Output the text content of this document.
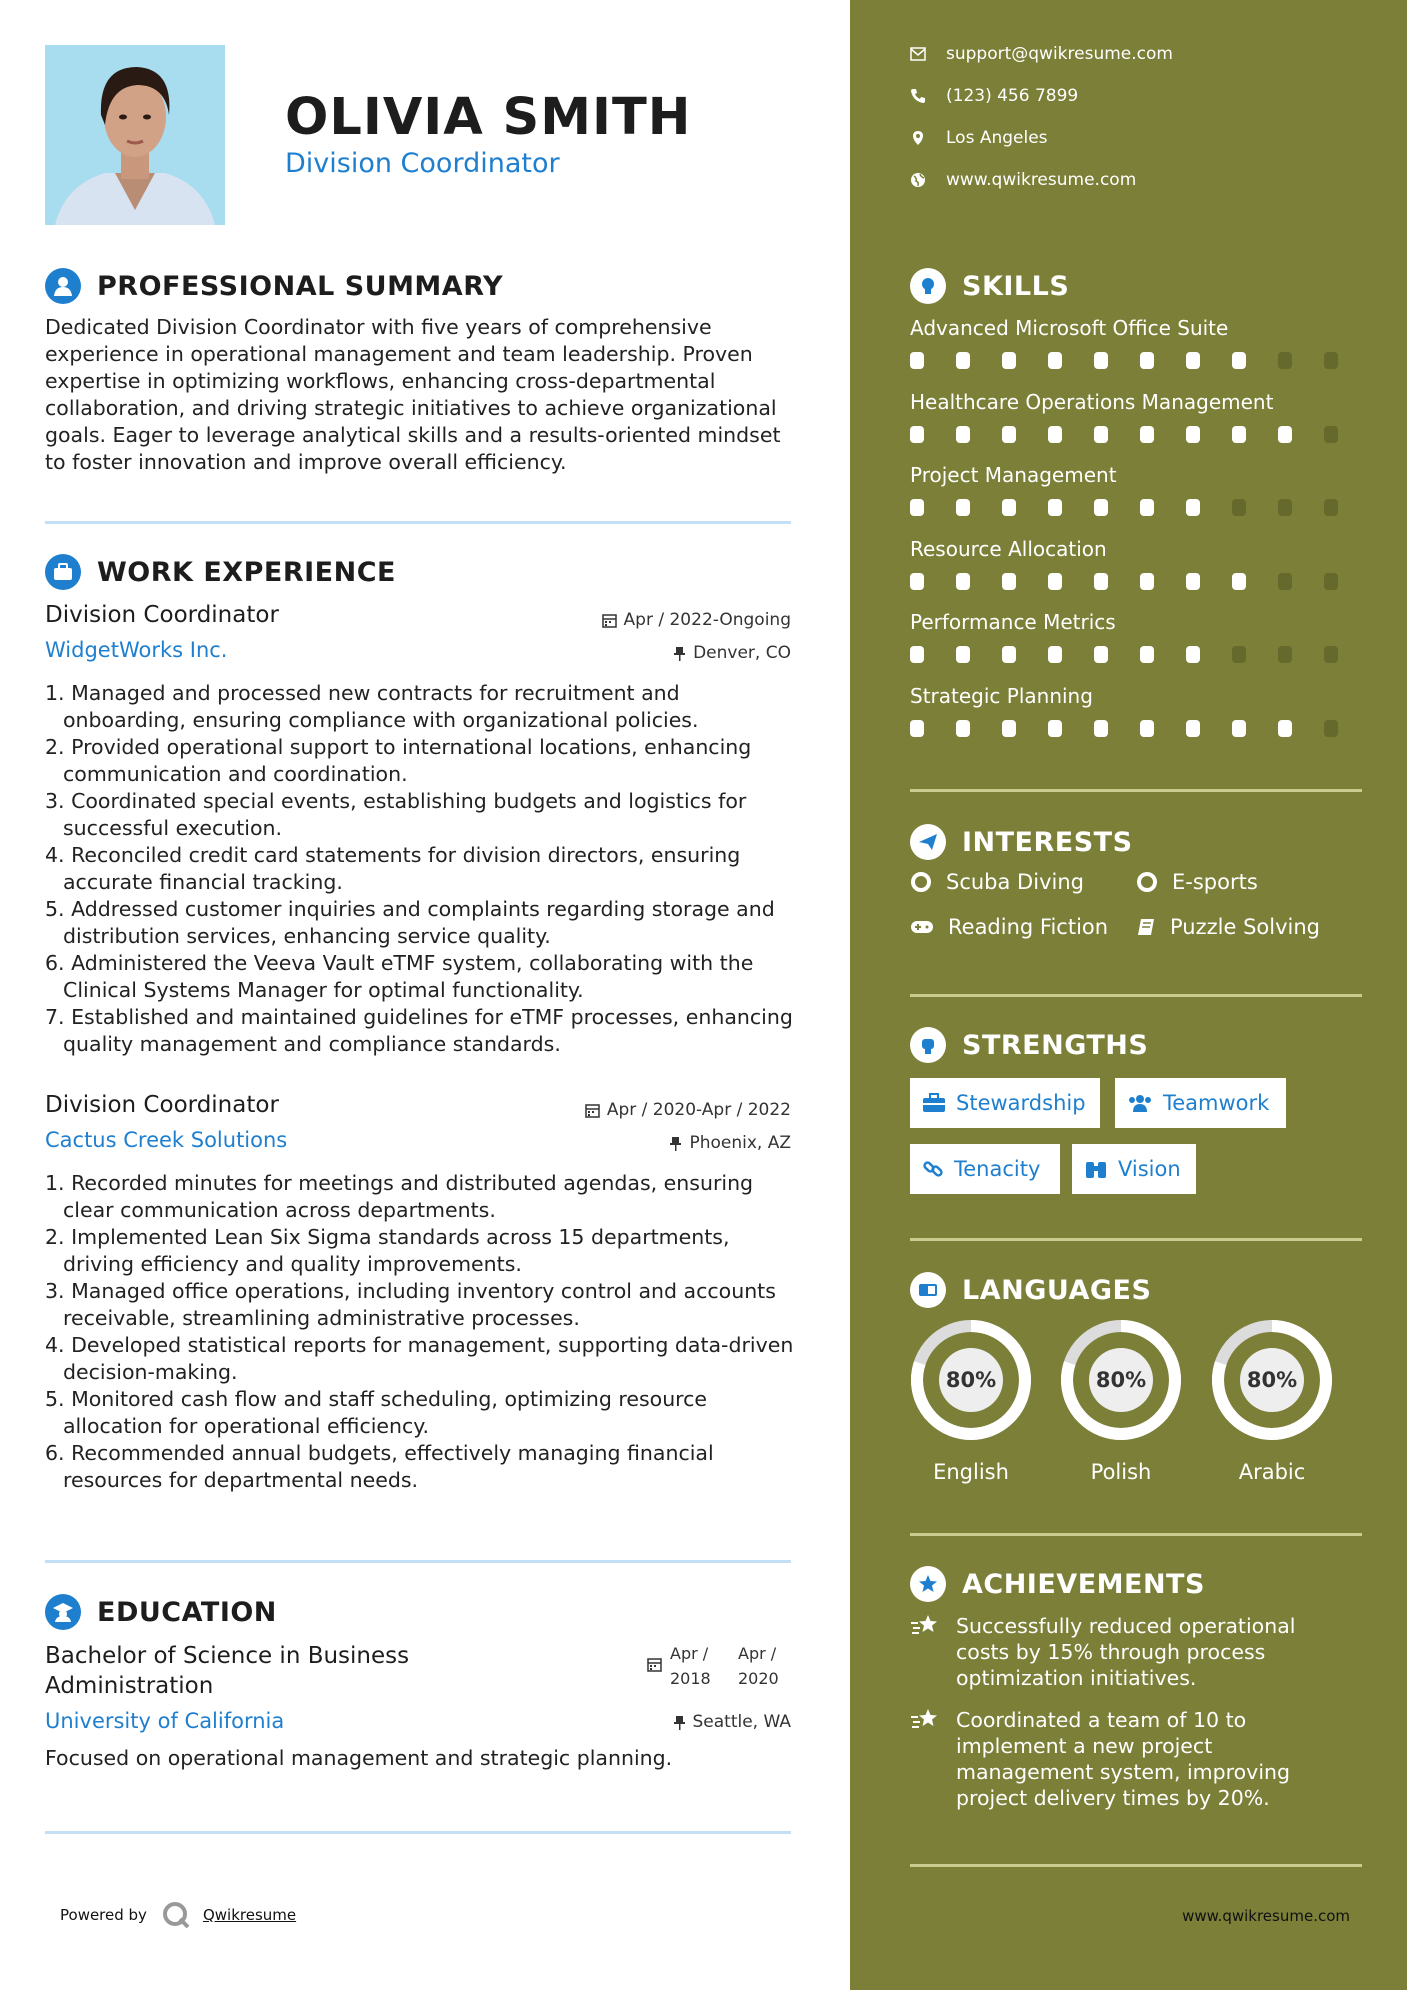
OLIVIA SMITH
Division Coordinator
PROFESSIONAL SUMMARY
Dedicated Division Coordinator with five years of comprehensive experience in operational management and team leadership. Proven expertise in optimizing workflows, enhancing cross-departmental collaboration, and driving strategic initiatives to achieve organizational goals. Eager to leverage analytical skills and a results-oriented mindset to foster innovation and improve overall efficiency.
WORK EXPERIENCE
Division Coordinator
WidgetWorks Inc.
Apr / 2022-Ongoing
Denver, CO
1. Managed and processed new contracts for recruitment and onboarding, ensuring compliance with organizational policies.
2. Provided operational support to international locations, enhancing communication and coordination.
3. Coordinated special events, establishing budgets and logistics for successful execution.
4. Reconciled credit card statements for division directors, ensuring accurate financial tracking.
5. Addressed customer inquiries and complaints regarding storage and distribution services, enhancing service quality.
6. Administered the Veeva Vault eTMF system, collaborating with the Clinical Systems Manager for optimal functionality.
7. Established and maintained guidelines for eTMF processes, enhancing quality management and compliance standards.
Division Coordinator
Cactus Creek Solutions
Apr / 2020-Apr / 2022
Phoenix, AZ
1. Recorded minutes for meetings and distributed agendas, ensuring clear communication across departments.
2. Implemented Lean Six Sigma standards across 15 departments, driving efficiency and quality improvements.
3. Managed office operations, including inventory control and accounts receivable, streamlining administrative processes.
4. Developed statistical reports for management, supporting data-driven decision-making.
5. Monitored cash flow and staff scheduling, optimizing resource allocation for operational efficiency.
6. Recommended annual budgets, effectively managing financial resources for departmental needs.
EDUCATION
Bachelor of Science in Business Administration
University of California
Apr /
2018
Apr /
2020
Seattle, WA
Focused on operational management and strategic planning.
Powered by	Qwikresume
support@qwikresume.com
(123) 456 7899
Los Angeles
www.qwikresume.com
SKILLS
Advanced Microsoft Office Suite
Healthcare Operations Management
Project Management
Resource Allocation
Performance Metrics
Strategic Planning
INTERESTS
Scuba Diving	E-sports
Reading Fiction	Puzzle Solving
STRENGTHS
Stewardship	Teamwork
Tenacity	Vision
LANGUAGES
80%
English
80%
Polish
80%
Arabic
ACHIEVEMENTS
Successfully reduced operational costs by 15% through process optimization initiatives.
Coordinated a team of 10 to implement a new project management system, improving project delivery times by 20%.
www.qwikresume.com
